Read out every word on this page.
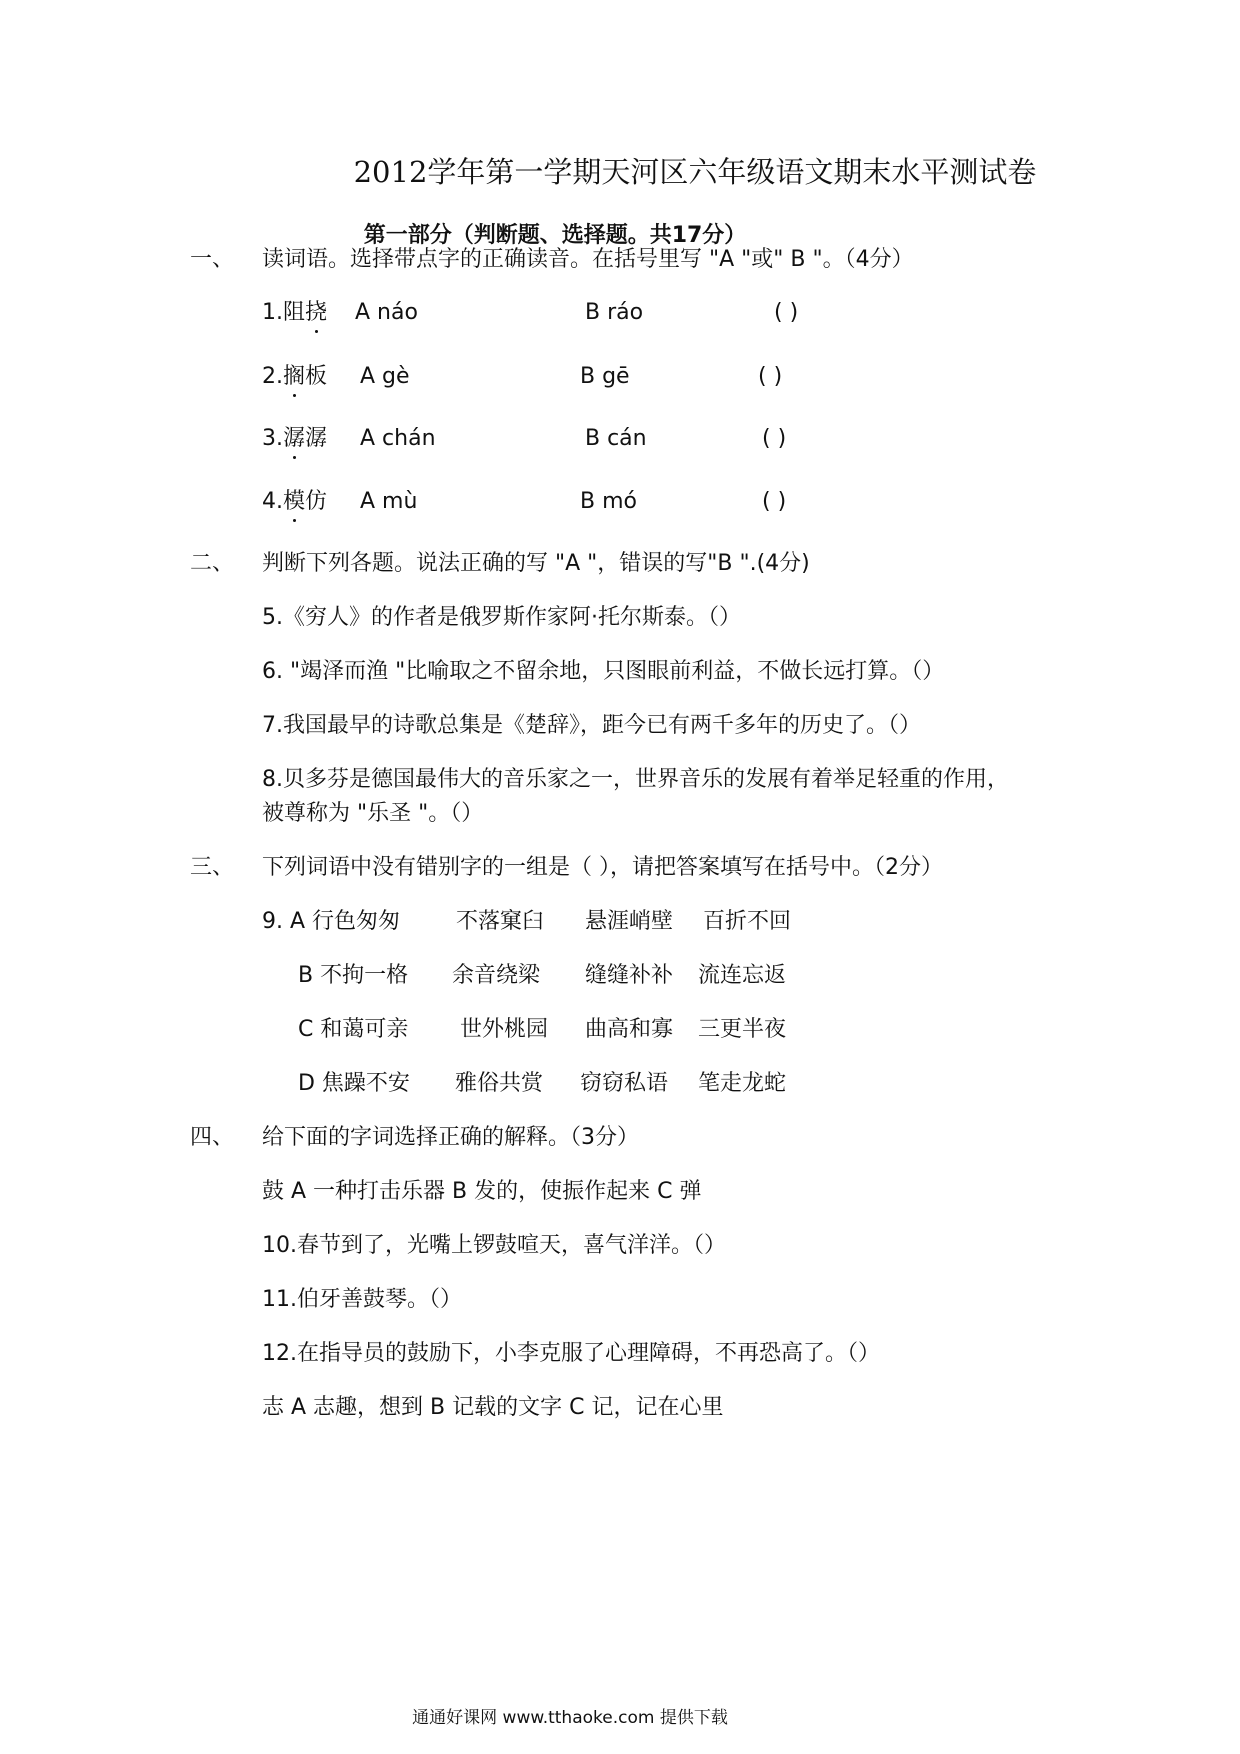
2012学年第一学期天河区六年级语文期末水平测试卷
第一部分（判断题、选择题。共17分）
一、 读词语。选择带点字的正确读音。在括号里写 "A "或" B "。（4分）
1.阻挠 A náo	B ráo	( )
2.搁板 A gè	B gē	( )
3.潺潺 A chán	B cán	( )
4.模仿 A mù	B mó	( )
二、 判断下列各题。说法正确的写 "A "，错误的写"B ".(4分)
5.《穷人》的作者是俄罗斯作家阿·托尔斯泰。（）
6. "竭泽而渔 "比喻取之不留余地，只图眼前利益，不做长远打算。（）
7.我国最早的诗歌总集是《楚辞》，距今已有两千多年的历史了。（）
8.贝多芬是德国最伟大的音乐家之一，世界音乐的发展有着举足轻重的作用，
被尊称为 "乐圣 "。（）
三、 下列词语中没有错别字的一组是（ ），请把答案填写在括号中。（2分）
9. A 行色匆匆	不落窠臼 悬涯峭壁 百折不回
B 不拘一格 余音绕梁 缝缝补补 流连忘返
C 和蔼可亲 世外桃园 曲高和寡 三更半夜
D 焦躁不安 雅俗共赏 窃窃私语 笔走龙蛇
四、 给下面的字词选择正确的解释。（3分）
鼓 A 一种打击乐器 B 发的，使振作起来 C 弹
10.春节到了，光嘴上锣鼓喧天，喜气洋洋。（）
11.伯牙善鼓琴。（）
12.在指导员的鼓励下，小李克服了心理障碍，不再恐高了。（）
志 A 志趣，想到 B 记载的文字 C 记，记在心里
通通好课网 www.tthaoke.com 提供下载
